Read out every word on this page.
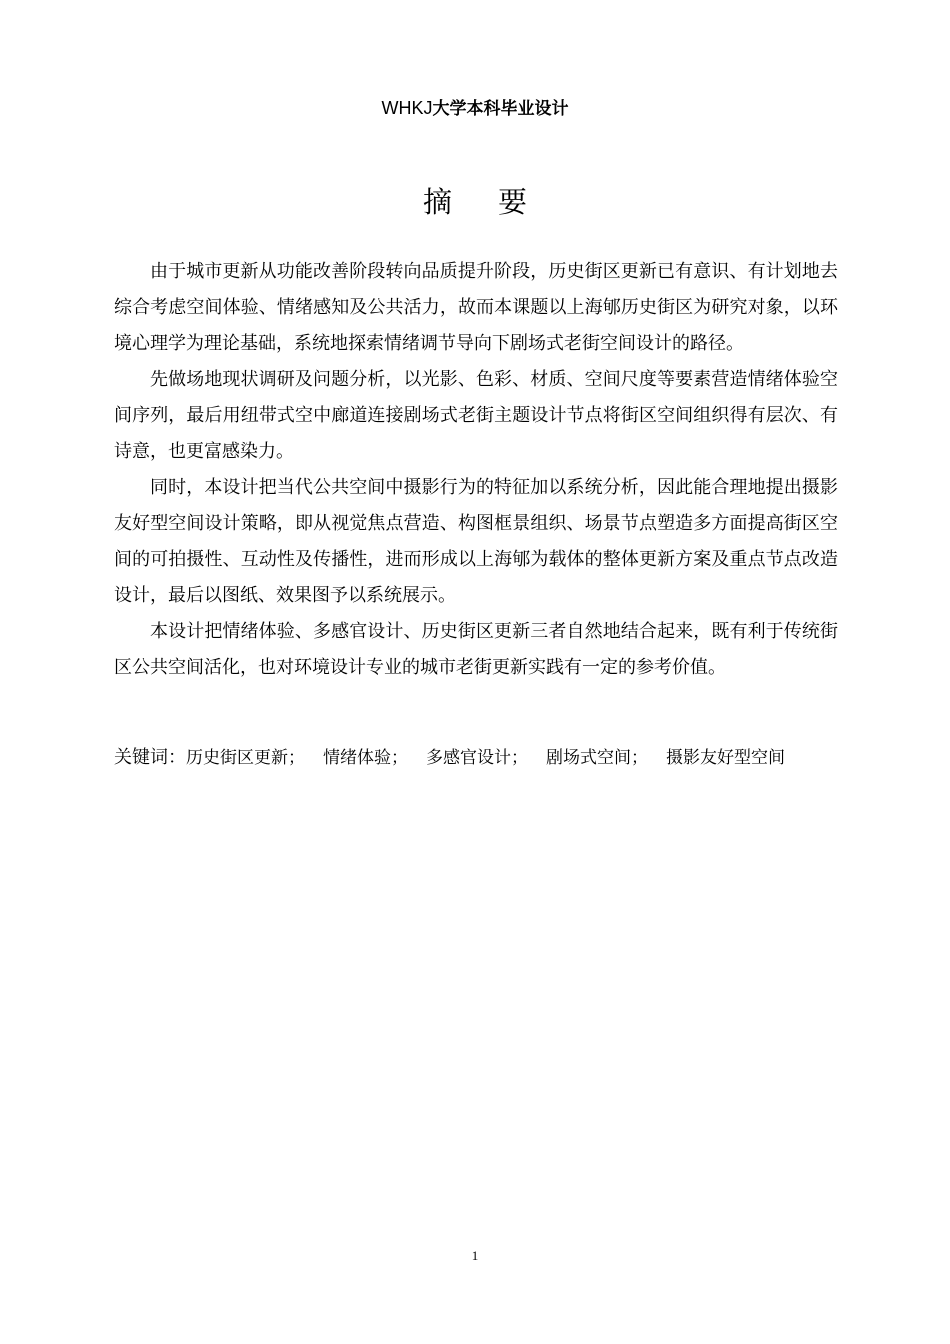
WHKJ大学本科毕业设计
摘要

由于城市更新从功能改善阶段转向品质提升阶段，历史街区更新已有意识、有计划地去综合考虑空间体验、情绪感知及公共活力，故而本课题以上海郇历史街区为研究对象，以环境心理学为理论基础，系统地探索情绪调节导向下剧场式老街空间设计的路径。

先做场地现状调研及问题分析，以光影、色彩、材质、空间尺度等要素营造情绪体验空间序列，最后用纽带式空中廊道连接剧场式老街主题设计节点将街区空间组织得有层次、有诗意，也更富感染力。

同时，本设计把当代公共空间中摄影行为的特征加以系统分析，因此能合理地提出摄影友好型空间设计策略，即从视觉焦点营造、构图框景组织、场景节点塑造多方面提高街区空间的可拍摄性、互动性及传播性，进而形成以上海郇为载体的整体更新方案及重点节点改造设计，最后以图纸、效果图予以系统展示。

本设计把情绪体验、多感官设计、历史街区更新三者自然地结合起来，既有利于传统街区公共空间活化，也对环境设计专业的城市老街更新实践有一定的参考价值。

关键词：历史街区更新； 情绪体验； 多感官设计； 剧场式空间； 摄影友好型空间
1
